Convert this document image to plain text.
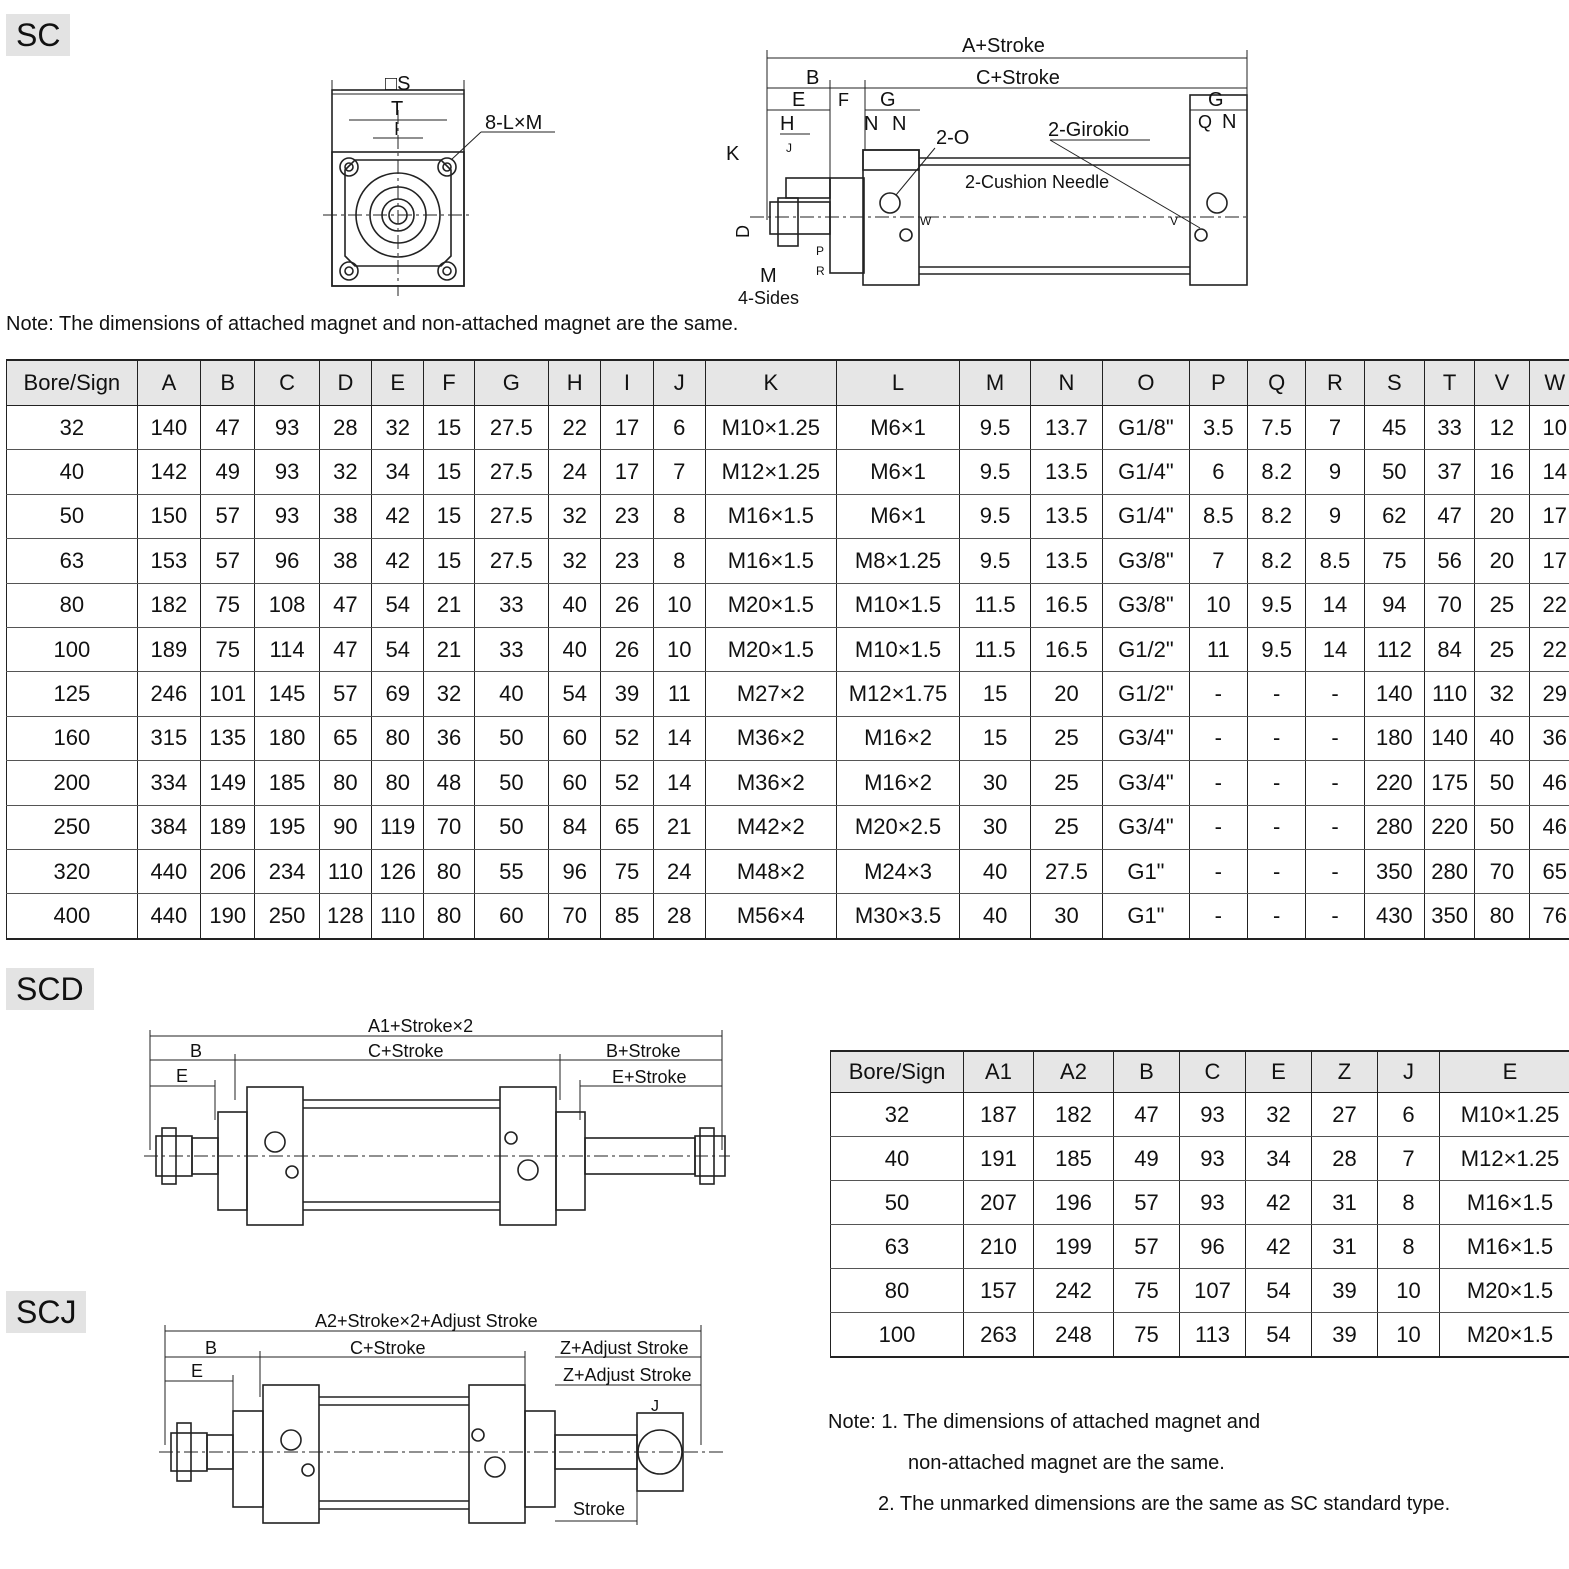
SC
SCD
SCJ
□S
T
I	8-L×M
A+Stroke
B	C+Stroke
E F G
H	N N
2-O	2-Girokio
2-Cushion Needle
G
Q N
K
D
M
4-Sides
W	V
R
P
J
Note: The dimensions of attached magnet and non-attached magnet are the same.
Bore/Sign	A	B	C	D	E	F	G	H	I	J	K	L	M	N	O	P	Q	R	S	T	V	W
32	140	47	93	28	32	15	27.5	22	17	6	M10×1.25	M6×1	9.5	13.7	G1/8"	3.5	7.5	7	45	33	12	10
40	142	49	93	32	34	15	27.5	24	17	7	M12×1.25	M6×1	9.5	13.5	G1/4"	6	8.2	9	50	37	16	14
50	150	57	93	38	42	15	27.5	32	23	8	M16×1.5	M6×1	9.5	13.5	G1/4"	8.5	8.2	9	62	47	20	17
63	153	57	96	38	42	15	27.5	32	23	8	M16×1.5	M8×1.25	9.5	13.5	G3/8"	7	8.2	8.5	75	56	20	17
80	182	75	108	47	54	21	33	40	26	10	M20×1.5	M10×1.5	11.5	16.5	G3/8"	10	9.5	14	94	70	25	22
100	189	75	114	47	54	21	33	40	26	10	M20×1.5	M10×1.5	11.5	16.5	G1/2"	11	9.5	14	112	84	25	22
125	246	101	145	57	69	32	40	54	39	11	M27×2	M12×1.75	15	20	G1/2"	-	-	-	140	110	32	29
160	315	135	180	65	80	36	50	60	52	14	M36×2	M16×2	15	25	G3/4"	-	-	-	180	140	40	36
200	334	149	185	80	80	48	50	60	52	14	M36×2	M16×2	30	25	G3/4"	-	-	-	220	175	50	46
250	384	189	195	90	119	70	50	84	65	21	M42×2	M20×2.5	30	25	G3/4"	-	-	-	280	220	50	46
320	440	206	234	110	126	80	55	96	75	24	M48×2	M24×3	40	27.5	G1"	-	-	-	350	280	70	65
400	440	190	250	128	110	80	60	70	85	28	M56×4	M30×3.5	40	30	G1"	-	-	-	430	350	80	76
A1+Stroke×2
B	C+Stroke	B+Stroke
E	E+Stroke
A2+Stroke×2+Adjust Stroke
B	C+Stroke	Z+Adjust Stroke
E	Z+Adjust Stroke
Stroke
J
Bore/Sign	A1	A2	B	C	E	Z	J	E
32	187	182	47	93	32	27	6	M10×1.25
40	191	185	49	93	34	28	7	M12×1.25
50	207	196	57	93	42	31	8	M16×1.5
63	210	199	57	96	42	31	8	M16×1.5
80	157	242	75	107	54	39	10	M20×1.5
100	263	248	75	113	54	39	10	M20×1.5
Note: 1. The dimensions of attached magnet and
non-attached magnet are the same.
2. The unmarked dimensions are the same as SC standard type.
